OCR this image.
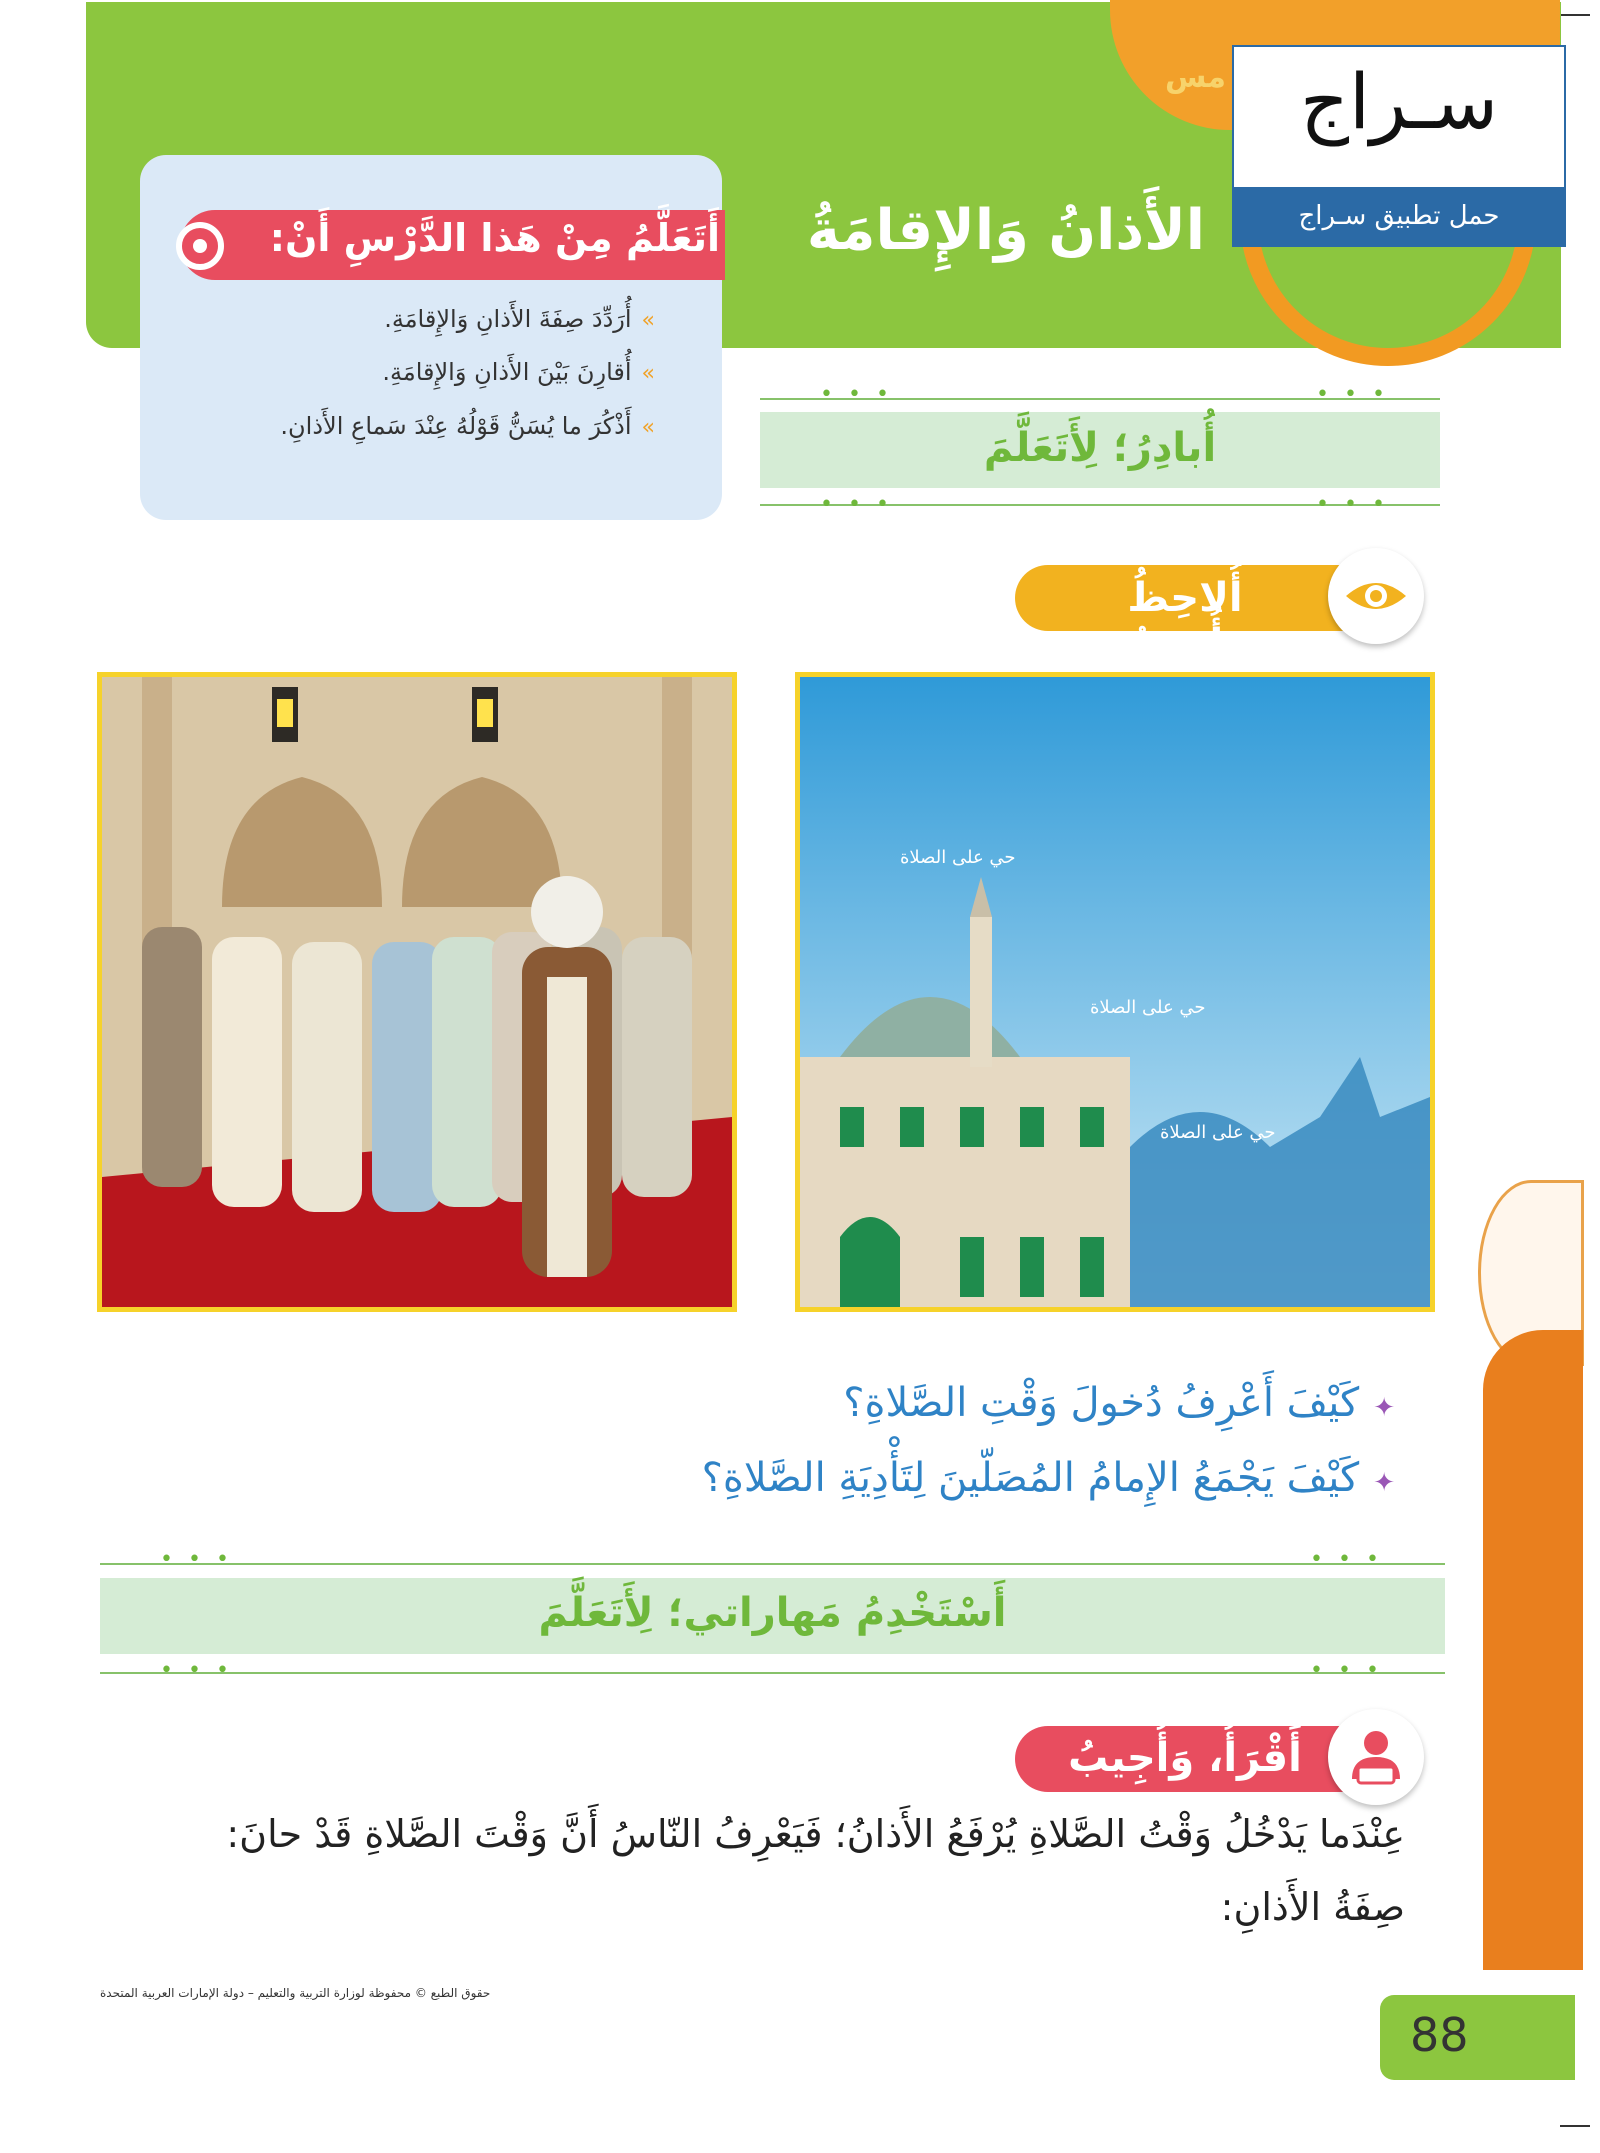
مس
الأَذانُ وَالإِقامَةُ
سـراج
حمل تطبيق سـراج
أَتَعَلَّمُ مِنْ هَذا الدَّرْسِ أَنْ:
»أُرَدِّدَ صِفَةَ الأَذانِ وَالإِقامَةِ.
»أُقارِنَ بَيْنَ الأَذانِ وَالإِقامَةِ.
»أَذْكُرَ ما يُسَنُّ قَوْلُهُ عِنْدَ سَماعِ الأَذانِ.
• • •	• • •
أُبادِرُ؛ لِأَتَعَلَّمَ
• • •	• • •
أُلاحِظُ وَأُجِيبُ
حي على الصلاة
حي على الصلاة
حي على الصلاة
✦كَيْفَ أَعْرِفُ دُخولَ وَقْتِ الصَّلاةِ؟
✦كَيْفَ يَجْمَعُ الإِمامُ المُصَلّينَ لِتَأْدِيَةِ الصَّلاةِ؟
• • •	• • •
أَسْتَخْدِمُ مَهاراتي؛ لِأَتَعَلَّمَ
• • •	• • •
أَقْرَأُ، وَأُجِيبُ
عِنْدَما يَدْخُلُ وَقْتُ الصَّلاةِ يُرْفَعُ الأَذانُ؛ فَيَعْرِفُ النّاسُ أَنَّ وَقْتَ الصَّلاةِ قَدْ حانَ:
صِفَةُ الأَذانِ:
حقوق الطبع © محفوظة لوزارة التربية والتعليم – دولة الإمارات العربية المتحدة
88
